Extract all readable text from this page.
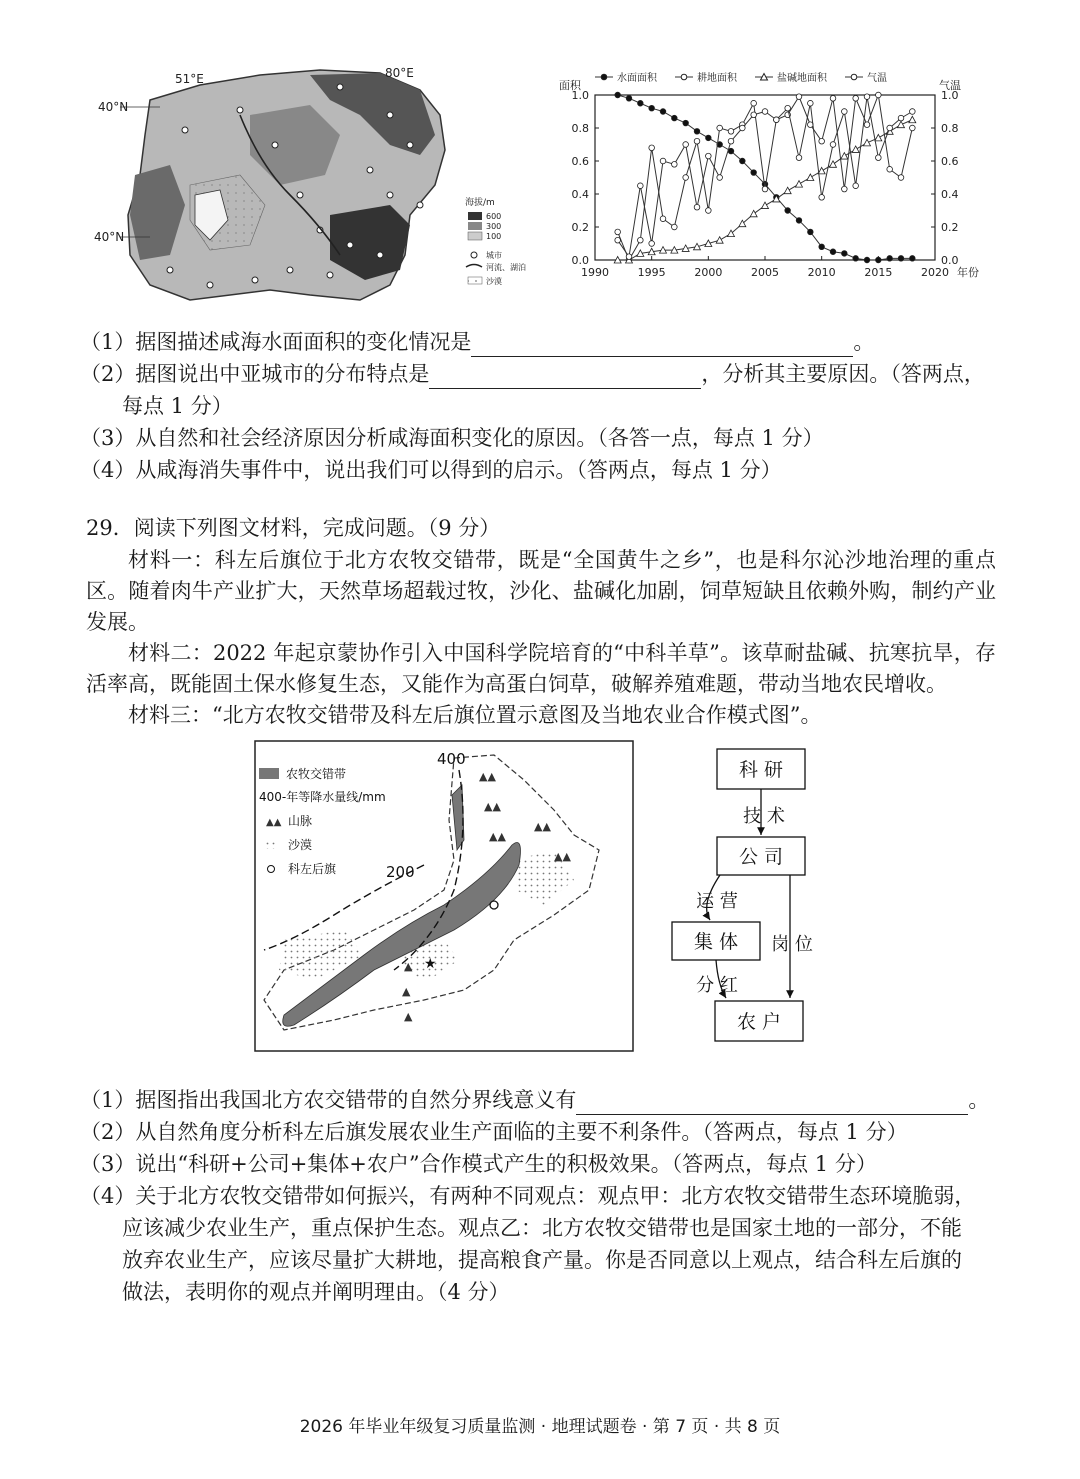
40°N
40°N
51°E	80°E
海拔/m
600
300
100
城市
河流、湖泊
沙漠
1990	1995	2000	2005	2010	2015	2020 年份
0.0
0.2
0.4
0.6
0.8
1.0
0.0
0.2
0.4
0.6
0.8
1.0
面积	气温
水面面积	耕地面积	盐碱地面积	气温
（1）据图描述咸海水面面积的变化情况是	。
（2）据图说出中亚城市的分布特点是	，分析其主要原因。（答两点，
每点 1 分）
（3）从自然和社会经济原因分析咸海面积变化的原因。（各答一点，每点 1 分）
（4）从咸海消失事件中，说出我们可以得到的启示。（答两点，每点 1 分）
29．阅读下列图文材料，完成问题。（9 分）
材料一：科左后旗位于北方农牧交错带，既是“全国黄牛之乡”，也是科尔沁沙地治理的重点区。随着肉牛产业扩大，天然草场超载过牧，沙化、盐碱化加剧，饲草短缺且依赖外购，制约产业发展。
材料二：2022 年起京蒙协作引入中国科学院培育的“中科羊草”。该草耐盐碱、抗寒抗旱，存活率高，既能固土保水修复生态，又能作为高蛋白饲草，破解养殖难题，带动当地农民增收。
材料三：“北方农牧交错带及科左后旗位置示意图及当地农业合作模式图”。
▲▲
▲▲
▲▲
▲▲
▲▲
▲
▲
▲
★
农牧交错带
400-年等降水量线/mm
▲▲ 山脉
沙漠
科左后旗
400
200
科 研
技 术
公 司
运 营
岗 位
集 体
分 红
农 户
（1）据图指出我国北方农交错带的自然分界线意义有	。
（2）从自然角度分析科左后旗发展农业生产面临的主要不利条件。（答两点，每点 1 分）
（3）说出“科研+公司+集体+农户”合作模式产生的积极效果。（答两点，每点 1 分）
（4）关于北方农牧交错带如何振兴，有两种不同观点：观点甲：北方农牧交错带生态环境脆弱，
应该减少农业生产，重点保护生态。观点乙：北方农牧交错带也是国家土地的一部分，不能
放弃农业生产，应该尽量扩大耕地，提高粮食产量。你是否同意以上观点，结合科左后旗的
做法，表明你的观点并阐明理由。（4 分）
2026 年毕业年级复习质量监测 · 地理试题卷 · 第 7 页 · 共 8 页
